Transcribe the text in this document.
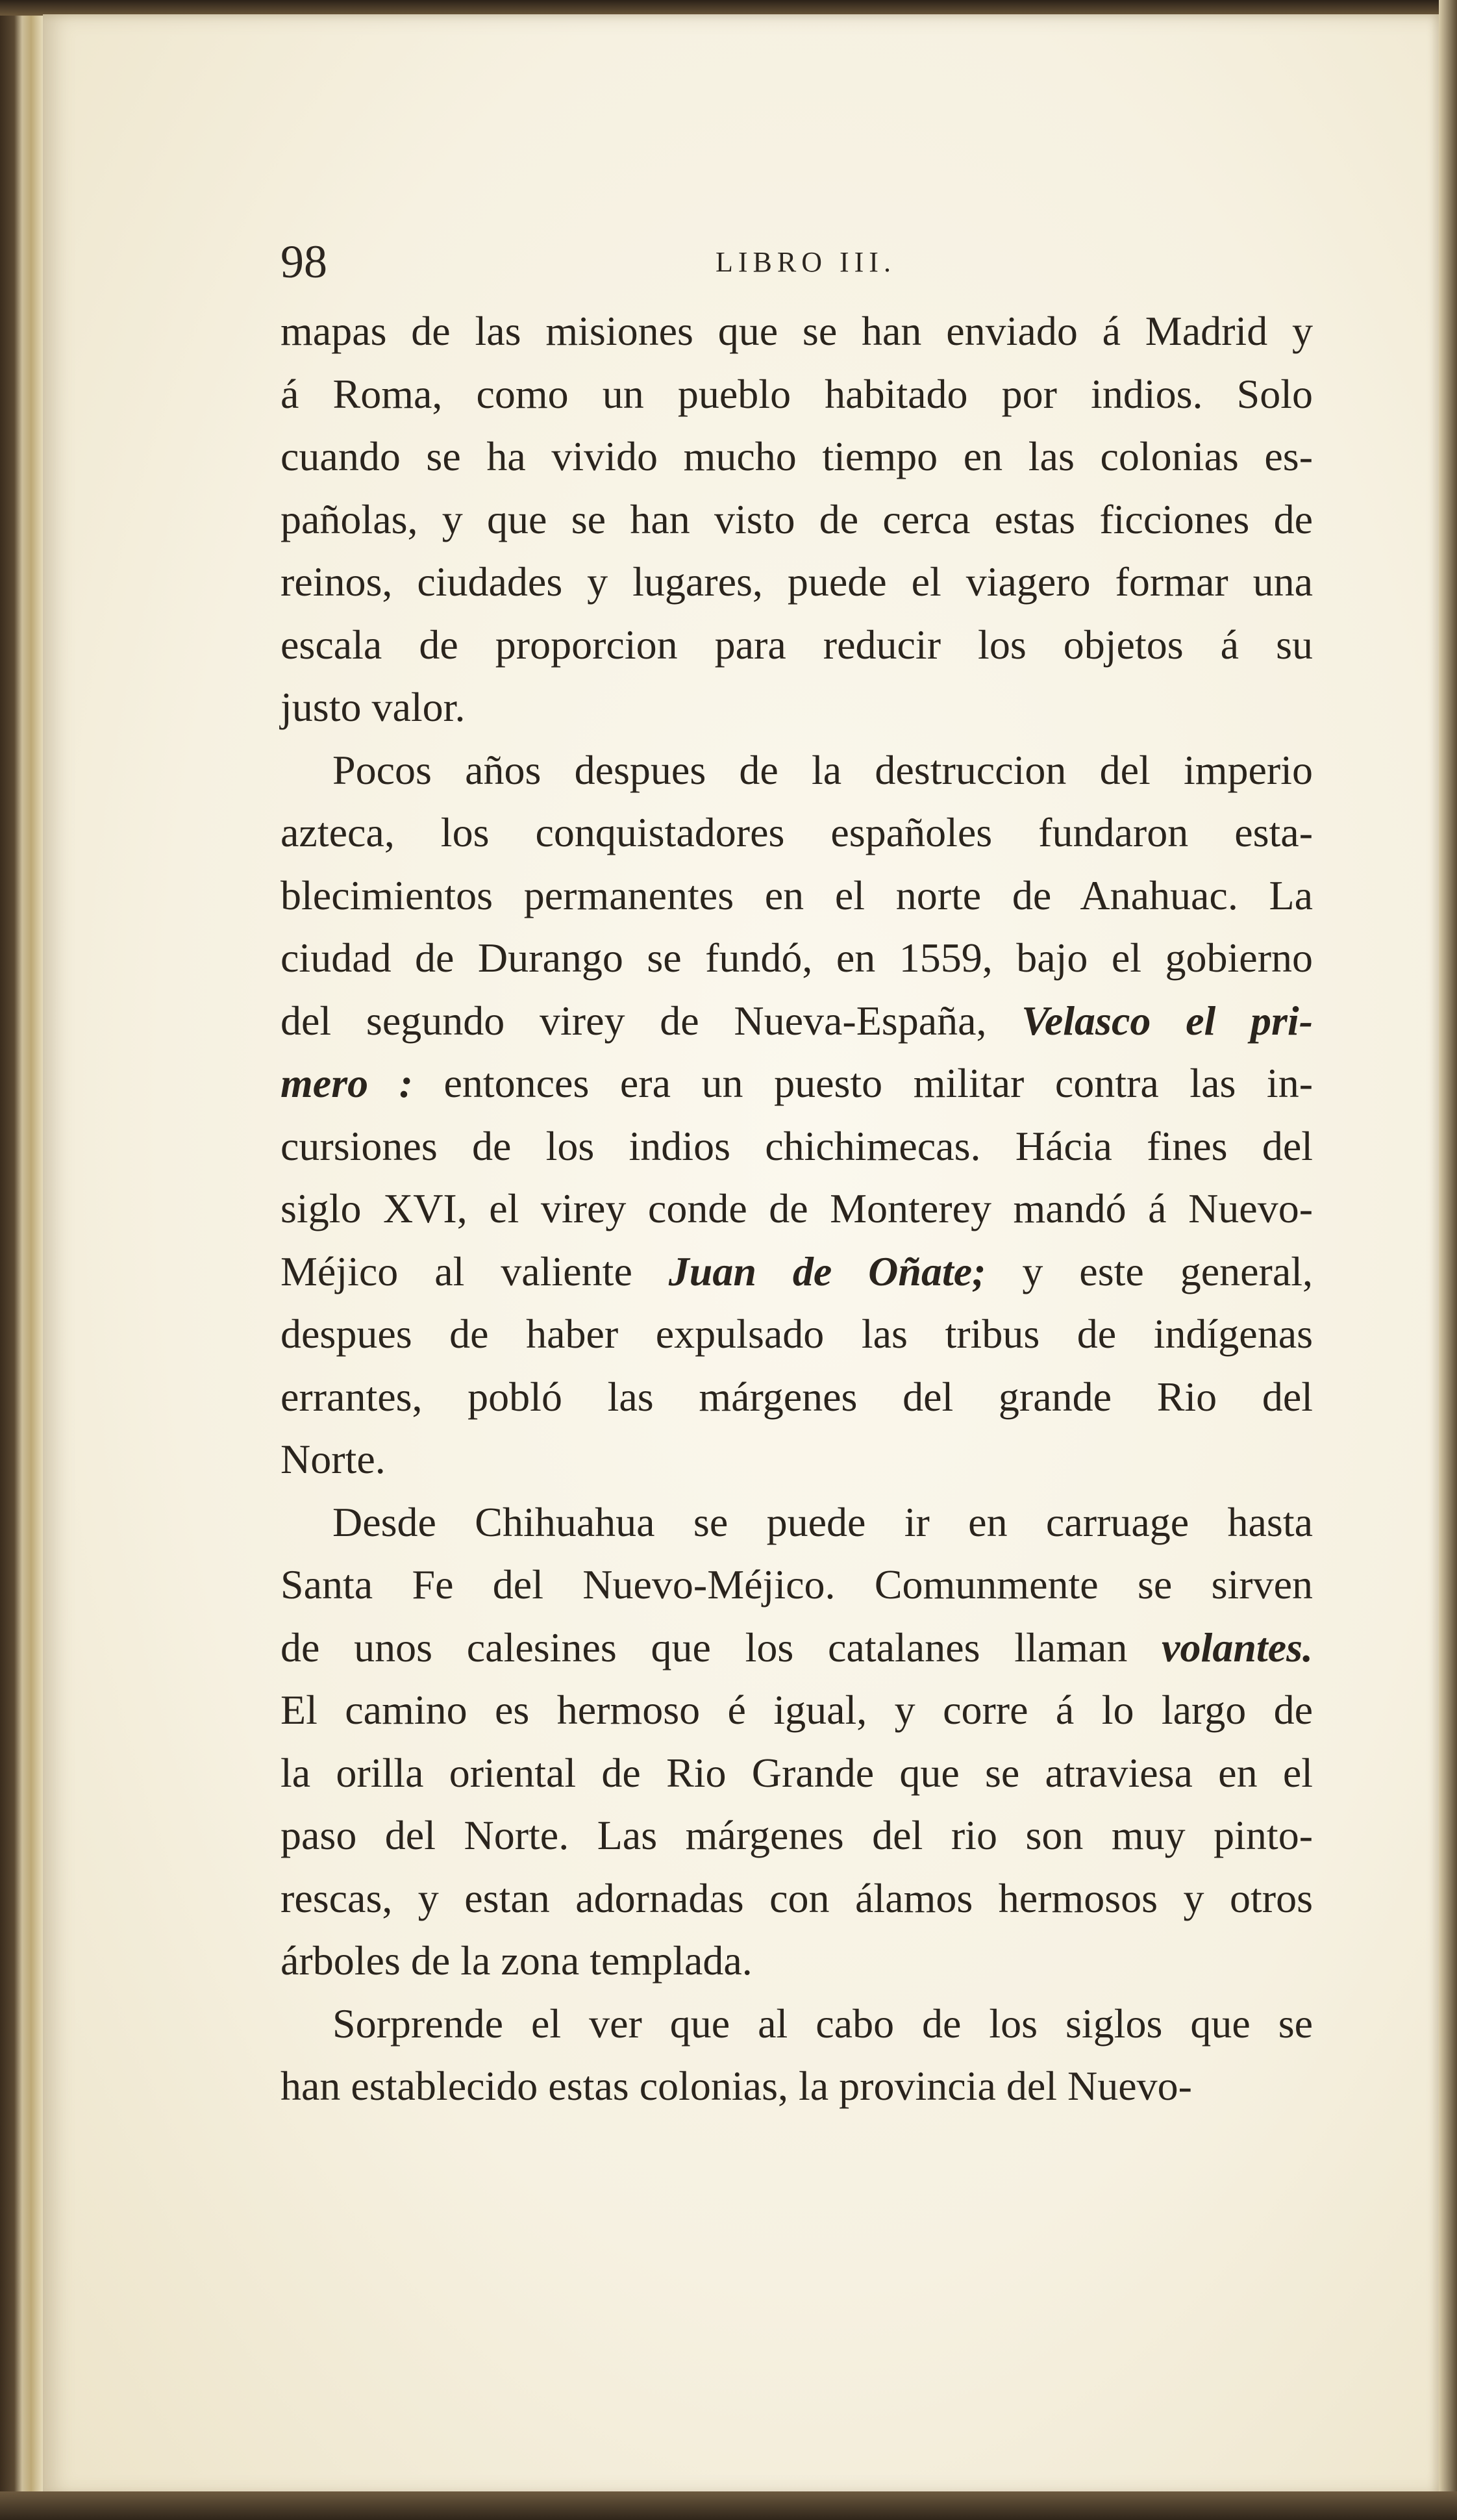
98	LIBRO III.

mapas de las misiones que se han enviado á Madrid y

á Roma, como un pueblo habitado por indios. Solo

cuando se ha vivido mucho tiempo en las colonias es-

pañolas, y que se han visto de cerca estas ficciones de

reinos, ciudades y lugares, puede el viagero formar una

escala de proporcion para reducir los objetos á su

justo valor.

Pocos años despues de la destruccion del imperio

azteca, los conquistadores españoles fundaron esta-

blecimientos permanentes en el norte de Anahuac. La

ciudad de Durango se fundó, en 1559, bajo el gobierno

del segundo virey de Nueva-España, Velasco el pri-

mero : entonces era un puesto militar contra las in-

cursiones de los indios chichimecas. Hácia fines del

siglo XVI, el virey conde de Monterey mandó á Nuevo-

Méjico al valiente Juan de Oñate; y este general,

despues de haber expulsado las tribus de indígenas

errantes, pobló las márgenes del grande Rio del

Norte.

Desde Chihuahua se puede ir en carruage hasta

Santa Fe del Nuevo-Méjico. Comunmente se sirven

de unos calesines que los catalanes llaman volantes.

El camino es hermoso é igual, y corre á lo largo de

la orilla oriental de Rio Grande que se atraviesa en el

paso del Norte. Las márgenes del rio son muy pinto-

rescas, y estan adornadas con álamos hermosos y otros

árboles de la zona templada.

Sorprende el ver que al cabo de los siglos que se

han establecido estas colonias, la provincia del Nuevo-
